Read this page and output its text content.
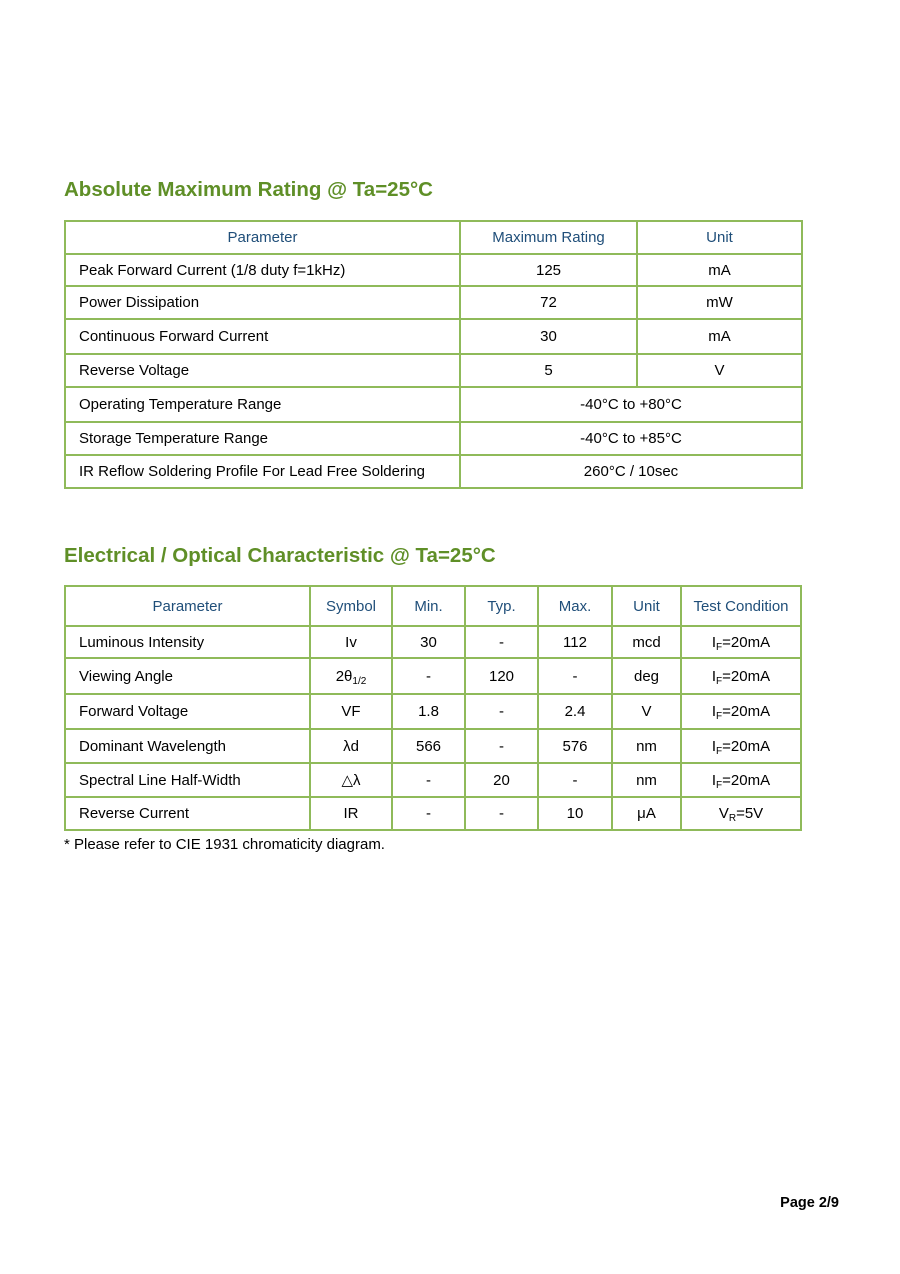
Absolute Maximum Rating @ Ta=25°C
Parameter	Maximum Rating	Unit
Peak Forward Current (1/8 duty f=1kHz)	125	mA
Power Dissipation	72	mW
Continuous Forward Current	30	mA
Reverse Voltage	5	V
Operating Temperature Range	-40°C to +80°C	
Storage Temperature Range	-40°C to +85°C	
IR Reflow Soldering Profile For Lead Free Soldering	260°C / 10sec	
Electrical / Optical Characteristic @ Ta=25°C
Parameter	Symbol	Min.	Typ.	Max.	Unit	Test Condition
Luminous Intensity	Iv	30	-	112	mcd	$I_F=20mA$
Viewing Angle	$2\theta_{1/2}$	-	120	-	deg	$I_F=20mA$
Forward Voltage	VF	1.8	-	2.4	V	$I_F=20mA$
Dominant Wavelength	λd	566	-	576	nm	$I_F=20mA$
Spectral Line Half-Width	△λ	-	20	-	nm	$I_F=20mA$
Reverse Current	IR	-	-	10	μA	$V_R=5V$

* Please refer to CIE 1931 chromaticity diagram.

Page 2/9
